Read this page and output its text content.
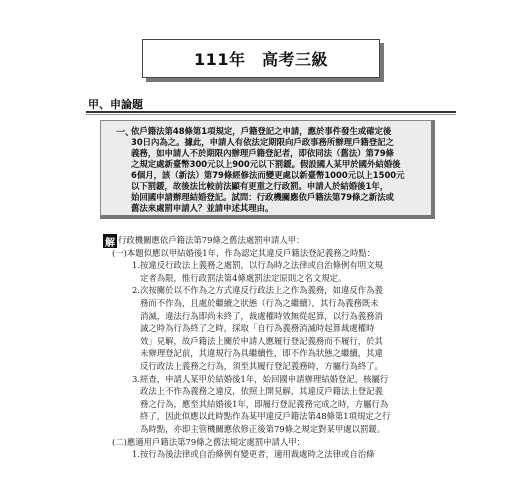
111年　高考三級
甲、申論題
一、
依戶籍法第48條第1項規定，戶籍登記之申請，應於事件發生或確定後
30日內為之。據此，申請人有依法定期限向戶政事務所辦理戶籍登記之
義務，如申請人不於期限內辦理戶籍登記者，即依同法（舊法）第79條
之規定處新臺幣300元以上900元以下罰鍰。假設國人某甲於國外結婚後
6個月，該（新法）第79條經修法而變更處以新臺幣1000元以上1500元
以下罰鍰，故後法比較前法顯有更重之行政罰。申請人於結婚後1年，
始回國申請辦理結婚登記。試問：行政機關應依戶籍法第79條之新法或
舊法來處罰申請人？並請申述其理由。
解 行政機關應依戶籍法第79條之舊法處罰申請人甲：
(一)本題似應以甲結婚後1年，作為認定其違反戶籍法登記義務之時點：
1.按違反行政法上義務之處罰，以行為時之法律或自治條例有明文規
定者為限，惟行政罰法第4條處罰法定原則之名文規定。
2.次按關於以不作為之方式違反行政法上之作為義務，如違反作為義
務而不作為，且處於繼續之狀態（行為之繼續），其行為義務既未
消滅，違法行為即尚未終了，裁處權時效無從起算，以行為義務消
滅之時為行為終了之時，採取「自行為義務消滅時起算裁處權時
效」見解，故戶籍法上關於申請人應履行登記義務而不履行，於其
未辦理登記前，其違規行為具繼續性，即不作為狀態之繼續，其違
反行政法上義務之行為，須至其履行登記義務時，方屬行為終了。
3.經查，申請人某甲於結婚後1年，始回國申請辦理結婚登記，核屬行
政法上不作為義務之違反，依照上開見解，其違反戶籍法上登記義
務之行為，應至其結婚後1年，即履行登記義務完成之時，方屬行為
終了，因此似應以此時點作為某甲違反戶籍法第48條第1項規定之行
為時點，亦即主管機關應依修正後第79條之規定對某甲處以罰鍰。
(二)應適用戶籍法第79條之舊法規定處罰申請人甲：
1.按行為後法律或自治條例有變更者，適用裁處時之法律或自治條
